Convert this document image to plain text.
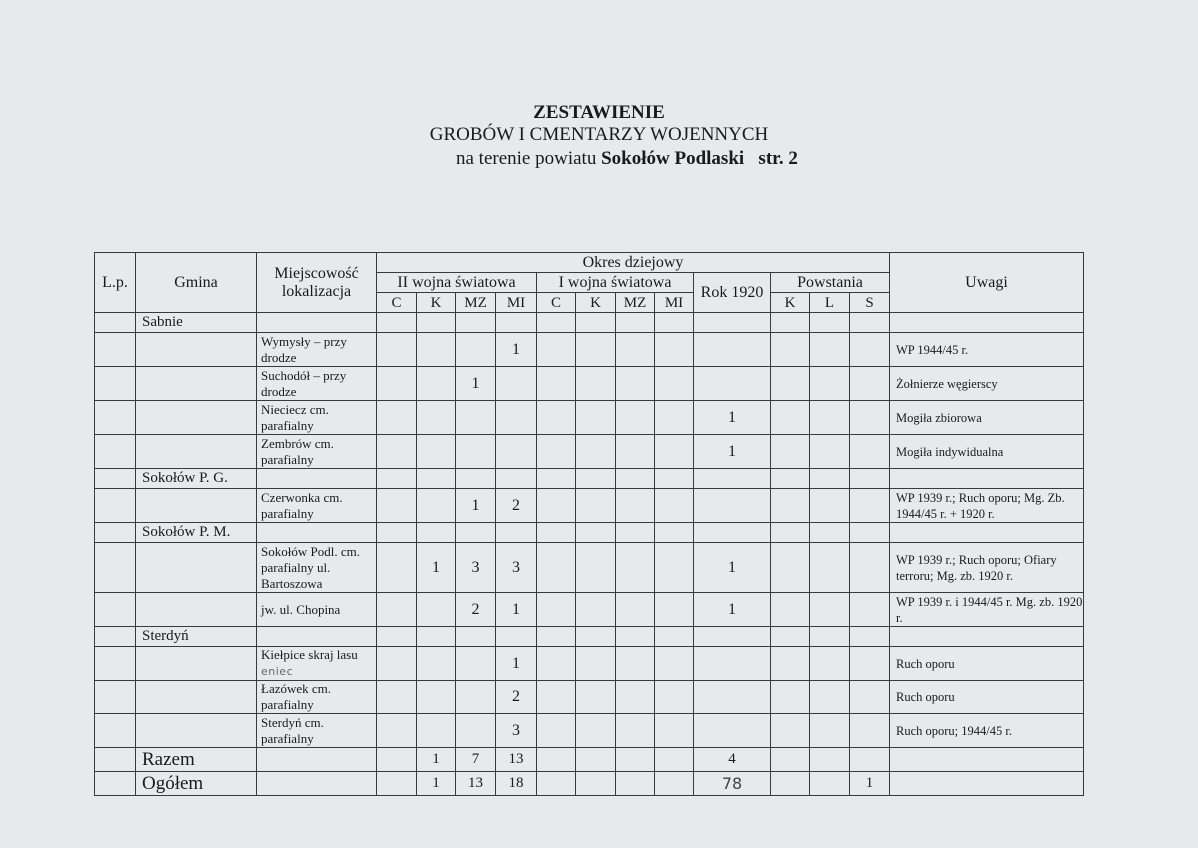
ZESTAWIENIE
GROBÓW I CMENTARZY WOJENNYCH
na terenie powiatu Sokołów Podlaski str. 2
L.p.	Gmina	Miejscowość lokalizacja	Okres dziejowy												Uwagi
			II wojna światowa				I wojna światowa				Rok 1920	Powstania			
			C	K	MZ	MI	C	K	MZ	MI		K	L	S	
	Sabnie														
		Wymysły – przy drodze				1									WP 1944/45 r.
		Suchodół – przy drodze			1										Żołnierze węgierscy
		Nieciecz cm. parafialny									1				Mogiła zbiorowa
		Zembrów cm. parafialny									1				Mogiła indywidualna
	Sokołów P. G.														
		Czerwonka cm. parafialny			1	2									WP 1939 r.; Ruch oporu; Mg. Zb. 1944/45 r. + 1920 r.
	Sokołów P. M.														
		Sokołów Podl. cm. parafialny ul. Bartoszowa		1	3	3					1				WP 1939 r.; Ruch oporu; Ofiary terroru; Mg. zb. 1920 r.
		jw. ul. Chopina			2	1					1				WP 1939 r. i 1944/45 r. Mg. zb. 1920 r.
	Sterdyń														
		Kiełpice skraj lasu eniec				1									Ruch oporu
		Łazówek cm. parafialny				2									Ruch oporu
		Sterdyń cm. parafialny				3									Ruch oporu; 1944/45 r.
	Razem			1	7	13					4				
	Ogółem			1	13	18					78			1	
